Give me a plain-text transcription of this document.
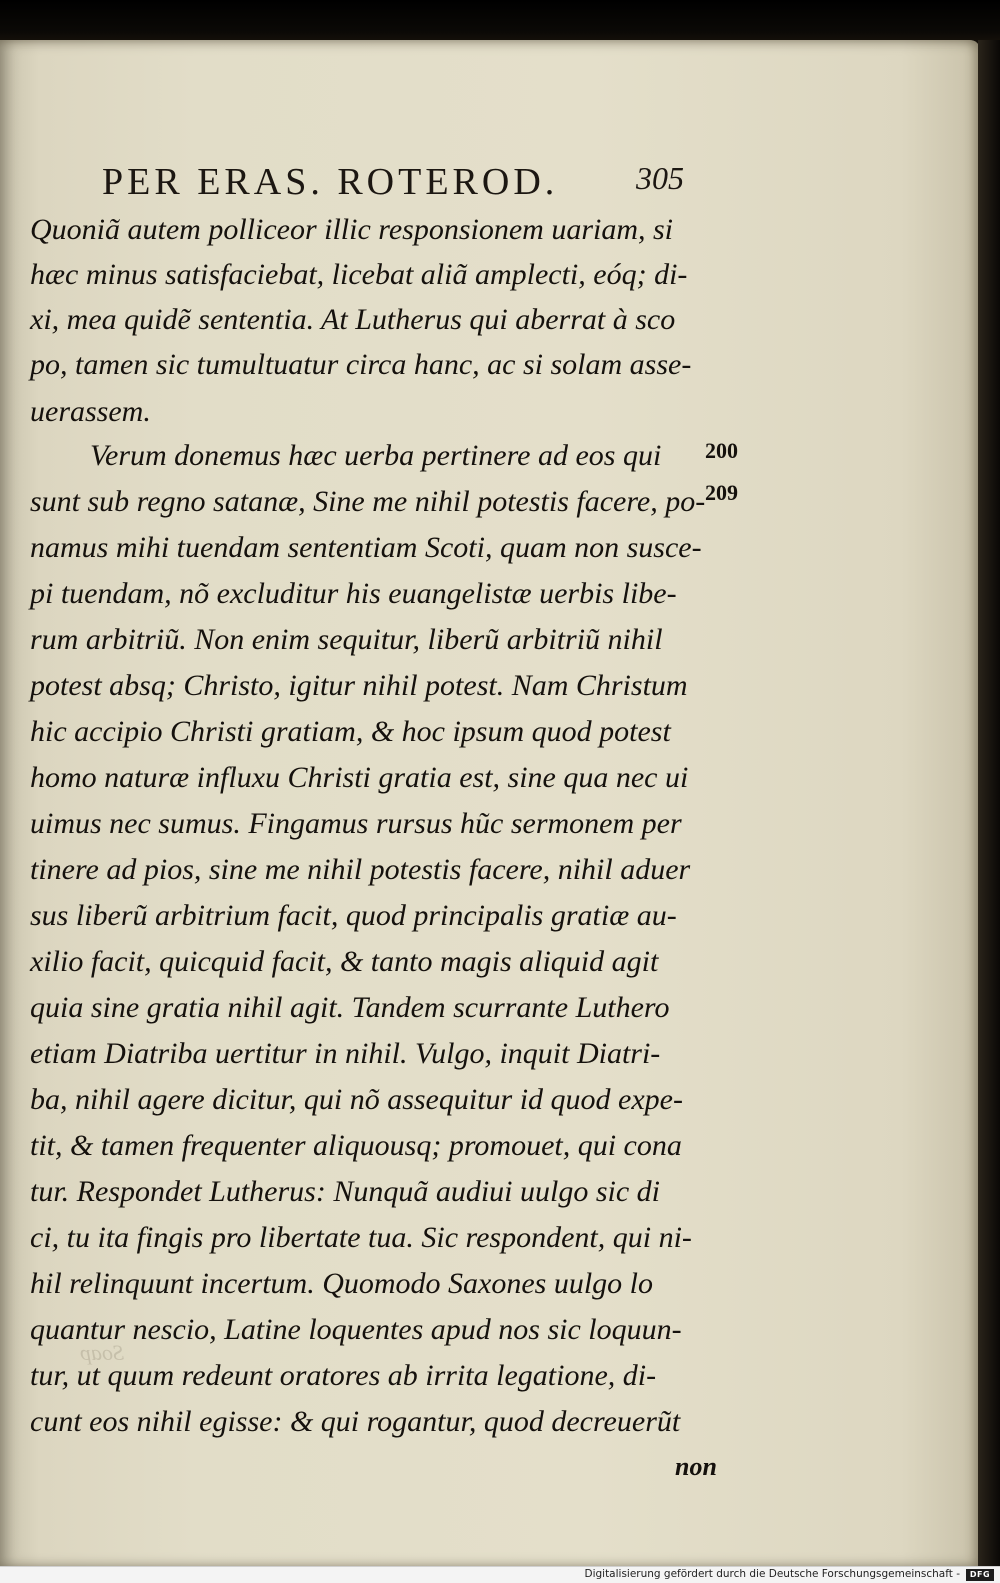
Soap
PER ERAS. ROTEROD.	305
Quoniã autem polliceor illic responsionem uariam, si
hæc minus satisfaciebat, licebat aliã amplecti, eóq; di-
xi, mea quidẽ sententia. At Lutherus qui aberrat à sco
po, tamen sic tumultuatur circa hanc, ac si solam asse-
uerassem.
Verum donemus hæc uerba pertinere ad eos qui
sunt sub regno satanæ, Sine me nihil potestis facere, po-
namus mihi tuendam sententiam Scoti, quam non susce-
pi tuendam, nõ excluditur his euangelistæ uerbis libe-
rum arbitriũ. Non enim sequitur, liberũ arbitriũ nihil
potest absq; Christo, igitur nihil potest. Nam Christum
hic accipio Christi gratiam, & hoc ipsum quod potest
homo naturæ influxu Christi gratia est, sine qua nec ui
uimus nec sumus. Fingamus rursus hũc sermonem per
tinere ad pios, sine me nihil potestis facere, nihil aduer
sus liberũ arbitrium facit, quod principalis gratiæ au-
xilio facit, quicquid facit, & tanto magis aliquid agit
quia sine gratia nihil agit. Tandem scurrante Luthero
etiam Diatriba uertitur in nihil. Vulgo, inquit Diatri-
ba, nihil agere dicitur, qui nõ assequitur id quod expe-
tit, & tamen frequenter aliquousq; promouet, qui cona
tur. Respondet Lutherus: Nunquã audiui uulgo sic di
ci, tu ita fingis pro libertate tua. Sic respondent, qui ni-
hil relinquunt incertum. Quomodo Saxones uulgo lo
quantur nescio, Latine loquentes apud nos sic loquun-
tur, ut quum redeunt oratores ab irrita legatione, di-
cunt eos nihil egisse: & qui rogantur, quod decreuerũt
non
200
209
Digitalisierung gefördert durch die Deutsche Forschungsgemeinschaft -	DFG
